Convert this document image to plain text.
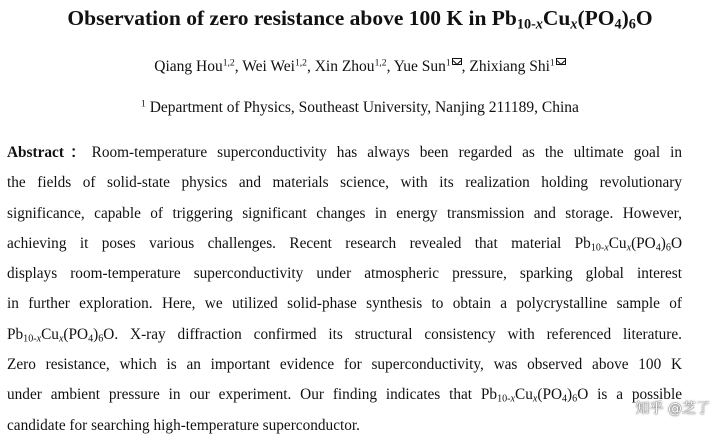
Observation of zero resistance above 100 K in $Pb_{10-x}Cu_x(PO_4)_6O$
Qiang Hou$^{1,2}$, Wei Wei$^{1,2}$, Xin Zhou$^{1,2}$, Yue Sun$^1$ , Zhixiang Shi$^1$
$^1$ Department of Physics, Southeast University, Nanjing 211189, China
Abstract：Room-temperature superconductivity has always been regarded as the ultimate goal in
the fields of solid-state physics and materials science, with its realization holding revolutionary
significance, capable of triggering significant changes in energy transmission and storage. However,
achieving it poses various challenges. Recent research revealed that material $Pb_{10-x}Cu_x(PO_4)_6O$
displays room-temperature superconductivity under atmospheric pressure, sparking global interest
in further exploration. Here, we utilized solid-phase synthesis to obtain a polycrystalline sample of
$Pb_{10-x}Cu_x(PO_4)_6O$. X-ray diffraction confirmed its structural consistency with referenced literature.
Zero resistance, which is an important evidence for superconductivity, was observed above 100 K
under ambient pressure in our experiment. Our finding indicates that $Pb_{10-x}Cu_x(PO_4)_6O$ is a possible
candidate for searching high-temperature superconductor.
知乎 @芝了
